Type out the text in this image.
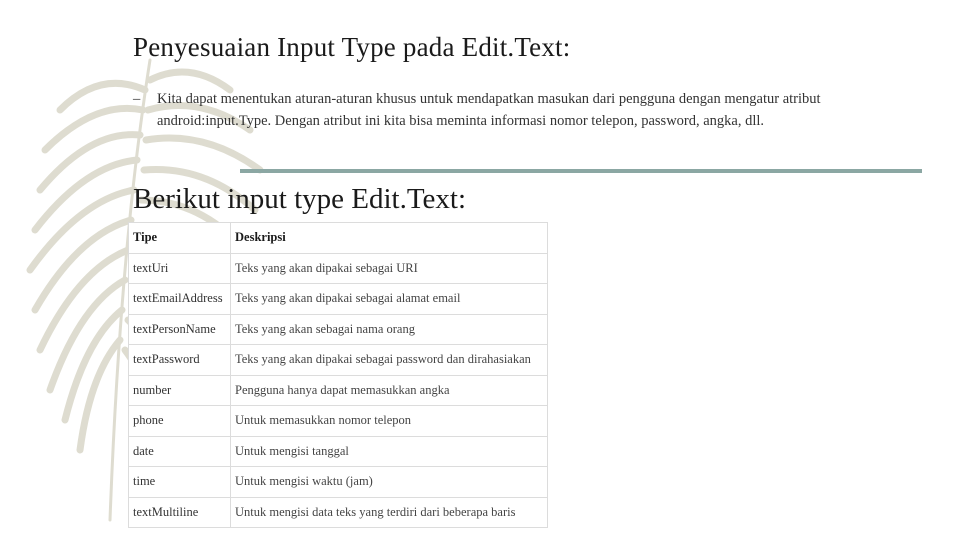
Penyesuaian Input Type pada Edit.Text:
– Kita dapat menentukan aturan-aturan khusus untuk mendapatkan masukan dari pengguna dengan mengatur atribut android:input.Type. Dengan atribut ini kita bisa meminta informasi nomor telepon, password, angka, dll.
Berikut input type Edit.Text:
Tipe	Deskripsi
textUri	Teks yang akan dipakai sebagai URI
textEmailAddress	Teks yang akan dipakai sebagai alamat email
textPersonName	Teks yang akan sebagai nama orang
textPassword	Teks yang akan dipakai sebagai password dan dirahasiakan
number	Pengguna hanya dapat memasukkan angka
phone	Untuk memasukkan nomor telepon
date	Untuk mengisi tanggal
time	Untuk mengisi waktu (jam)
textMultiline	Untuk mengisi data teks yang terdiri dari beberapa baris
